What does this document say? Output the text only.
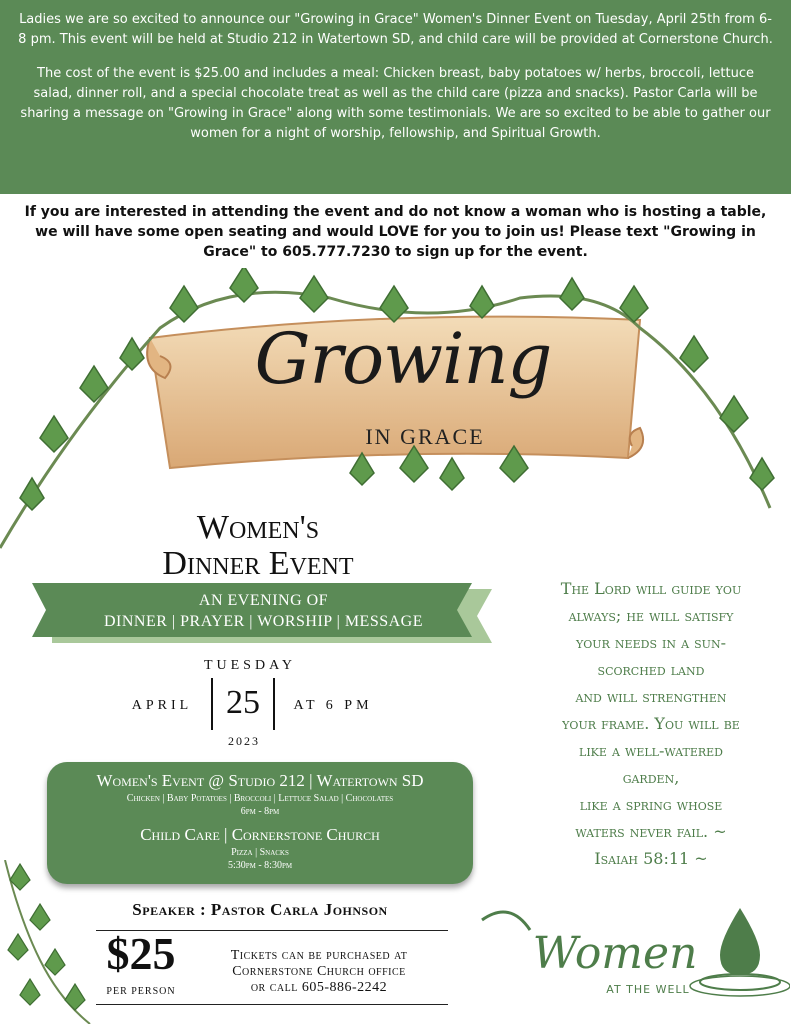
Ladies we are so excited to announce our "Growing in Grace" Women's Dinner Event on Tuesday, April 25th from 6-8 pm. This event will be held at Studio 212 in Watertown SD, and child care will be provided at Cornerstone Church.

The cost of the event is $25.00 and includes a meal: Chicken breast, baby potatoes w/ herbs, broccoli, lettuce salad, dinner roll, and a special chocolate treat as well as the child care (pizza and snacks). Pastor Carla will be sharing a message on "Growing in Grace" along with some testimonials. We are so excited to be able to gather our women for a night of worship, fellowship, and Spiritual Growth.

If you are interested in attending the event and do not know a woman who is hosting a table, we will have some open seating and would LOVE for you to join us! Please text "Growing in Grace" to 605.777.7230 to sign up for the event.
Growing
IN GRACE
Women's
Dinner Event
AN EVENING OF
DINNER | PRAYER | WORSHIP | MESSAGE
TUESDAY
APRIL 25	AT 6 PM
2023
Women's Event @ Studio 212 | Watertown SD
Chicken | Baby Potatoes | Broccoli | Lettuce Salad | Chocolates
6pm - 8pm
Child Care | Cornerstone Church
Pizza | Snacks
5:30pm - 8:30pm
The Lord will guide you
always; he will satisfy
your needs in a sun-
scorched land
and will strengthen
your frame. You will be
like a well-watered
garden,
like a spring whose
waters never fail. ~
Isaiah 58:11 ~
Speaker : Pastor Carla Johnson
$25
PER PERSON
Tickets can be purchased at
Cornerstone Church office
or call 605-886-2242
Women
AT THE WELL
